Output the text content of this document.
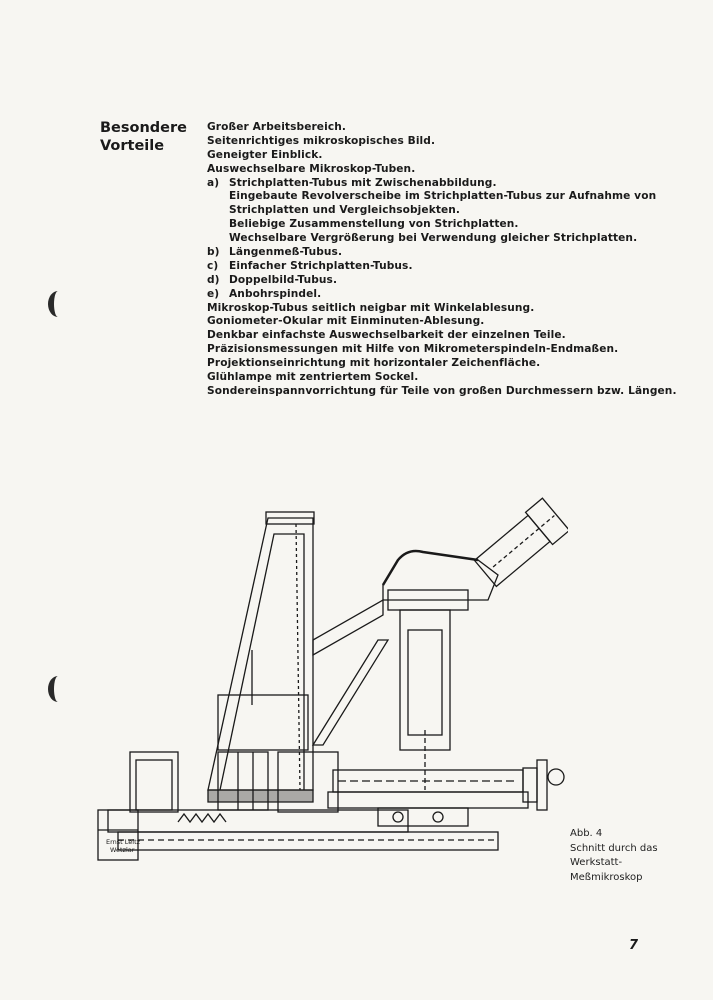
Besondere
Vorteile
Großer Arbeitsbereich.
Seitenrichtiges mikroskopisches Bild.
Geneigter Einblick.
Auswechselbare Mikroskop-Tuben.
a) Strichplatten-Tubus mit Zwischenabbildung.
Eingebaute Revolverscheibe im Strichplatten-Tubus zur Aufnahme von
Strichplatten und Vergleichsobjekten.
Beliebige Zusammenstellung von Strichplatten.
Wechselbare Vergrößerung bei Verwendung gleicher Strichplatten.
b) Längenmeß-Tubus.
c) Einfacher Strichplatten-Tubus.
d) Doppelbild-Tubus.
e) Anbohrspindel.
Mikroskop-Tubus seitlich neigbar mit Winkelablesung.
Goniometer-Okular mit Einminuten-Ablesung.
Denkbar einfachste Auswechselbarkeit der einzelnen Teile.
Präzisionsmessungen mit Hilfe von Mikrometerspindeln-Endmaßen.
Projektionseinrichtung mit horizontaler Zeichenfläche.
Glühlampe mit zentriertem Sockel.
Sondereinspannvorrichtung für Teile von großen Durchmessern bzw. Längen.
Ernst Leitz
Wetzlar
Abb. 4
Schnitt durch das
Werkstatt-
Meßmikroskop
7
